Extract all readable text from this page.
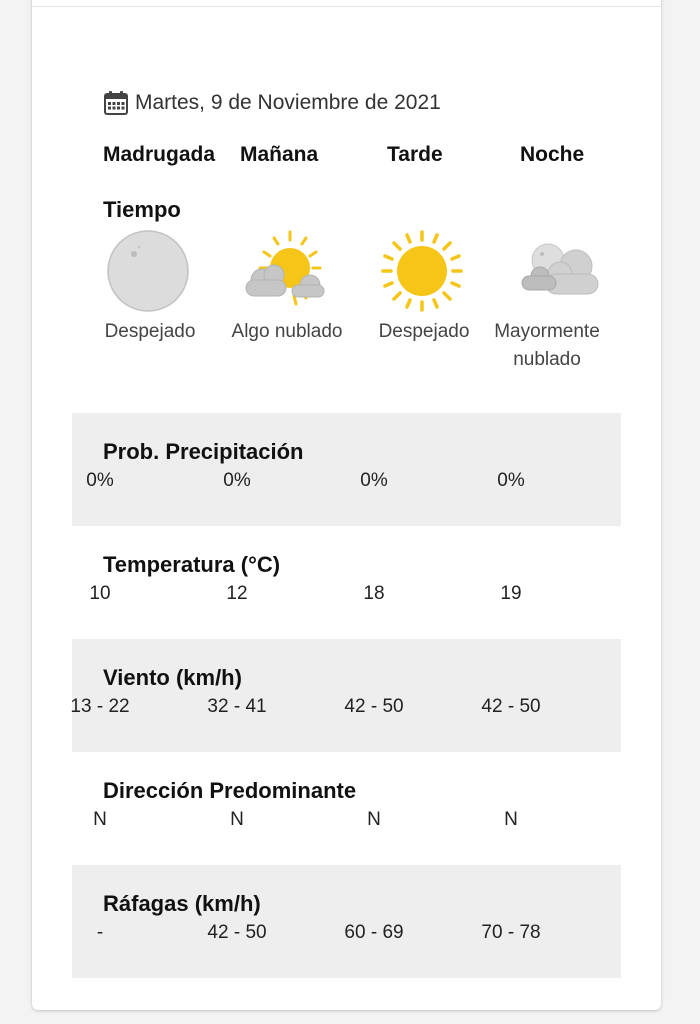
Martes, 9 de Noviembre de 2021
Madrugada Mañana	Tarde	Noche
Tiempo
Despejado	Algo nublado	Despejado	Mayormente nublado
Prob. Precipitación
0%	0%	0%	0%
Temperatura (°C)
10	12	18	19
Viento (km/h)
13 - 22	32 - 41	42 - 50	42 - 50
Dirección Predominante
N	N	N	N
Ráfagas (km/h)
-	42 - 50	60 - 69	70 - 78
